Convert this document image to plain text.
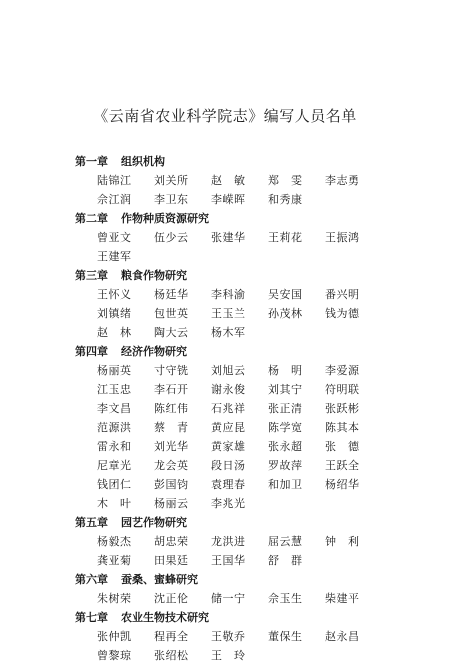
《云南省农业科学院志》编写人员名单
第一章 组织机构
陆锦江	刘关所	赵　敏	郑　雯	李志勇
佘江润	李卫东	李嵘晖	和秀康
第二章 作物种质资源研究
曾亚文	伍少云	张建华	王莉花	王振鸿
王建军
第三章 粮食作物研究
王怀义	杨廷华	李科渝	吴安国	番兴明
刘镇绪	包世英	王玉兰	孙茂林	钱为德
赵　林	陶大云	杨木军
第四章 经济作物研究
杨丽英	寸守铣	刘旭云	杨　明	李爱源
江玉忠	李石开	谢永俊	刘其宁	符明联
李文昌	陈红伟	石兆祥	张正清	张跃彬
范源洪	蔡　青	黄应昆	陈学宽	陈其本
雷永和	刘光华	黄家雄	张永超	张　德
尼章光	龙会英	段日汤	罗故萍	王跃全
钱团仁	彭国钧	袁理春	和加卫	杨绍华
木　叶	杨丽云	李兆光
第五章 园艺作物研究
杨毅杰	胡忠荣	龙洪进	屈云慧	钟　利
龚亚菊	田果廷	王国华	舒　群
第六章 蚕桑、蜜蜂研究
朱树荣	沈正伦	储一宁	佘玉生	柴建平
第七章 农业生物技术研究
张仲凯	程再全	王敬乔	董保生	赵永昌
曾黎琼	张绍松	王　玲
